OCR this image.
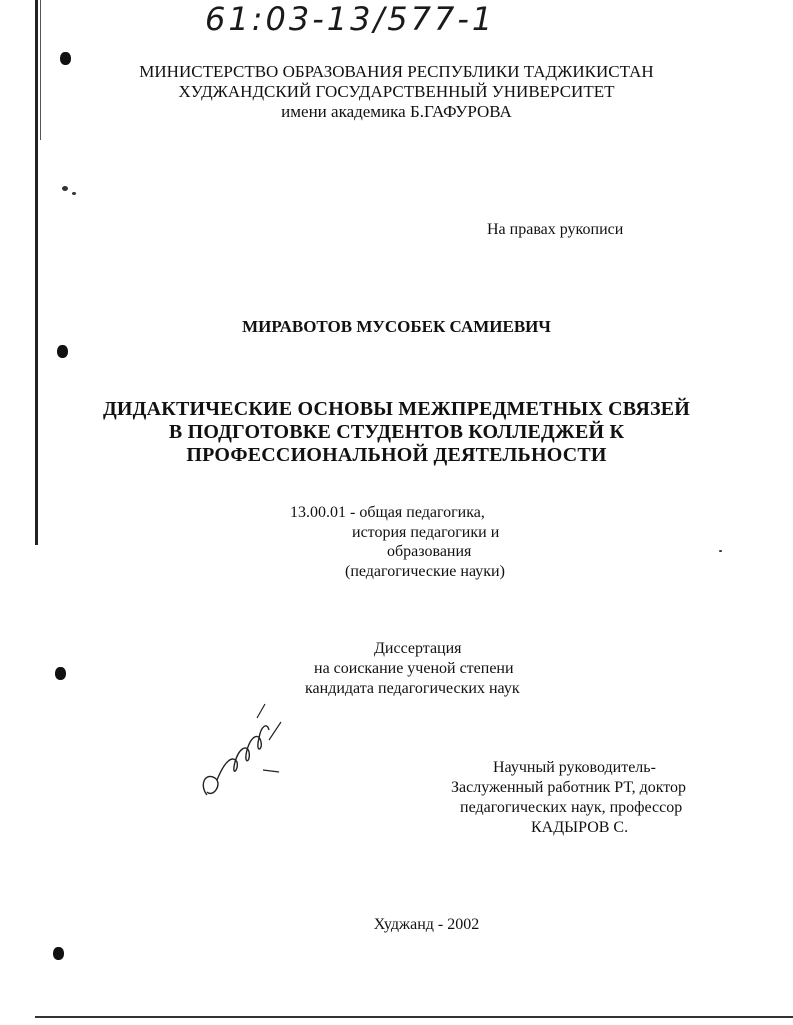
61:03-13/577-1
МИНИСТЕРСТВО ОБРАЗОВАНИЯ РЕСПУБЛИКИ ТАДЖИКИСТАН
ХУДЖАНДСКИЙ ГОСУДАРСТВЕННЫЙ УНИВЕРСИТЕТ
имени академика Б.ГАФУРОВА
На правах рукописи
МИРАВОТОВ МУСОБЕК САМИЕВИЧ
ДИДАКТИЧЕСКИЕ ОСНОВЫ МЕЖПРЕДМЕТНЫХ СВЯЗЕЙ
В ПОДГОТОВКЕ СТУДЕНТОВ КОЛЛЕДЖЕЙ К
ПРОФЕССИОНАЛЬНОЙ ДЕЯТЕЛЬНОСТИ
13.00.01 - общая педагогика,
история педагогики и
образования
(педагогические науки)
Диссертация
на соискание ученой степени
кандидата педагогических наук
Научный руководитель-
Заслуженный работник РТ, доктор
педагогических наук, профессор
КАДЫРОВ С.
Худжанд - 2002
